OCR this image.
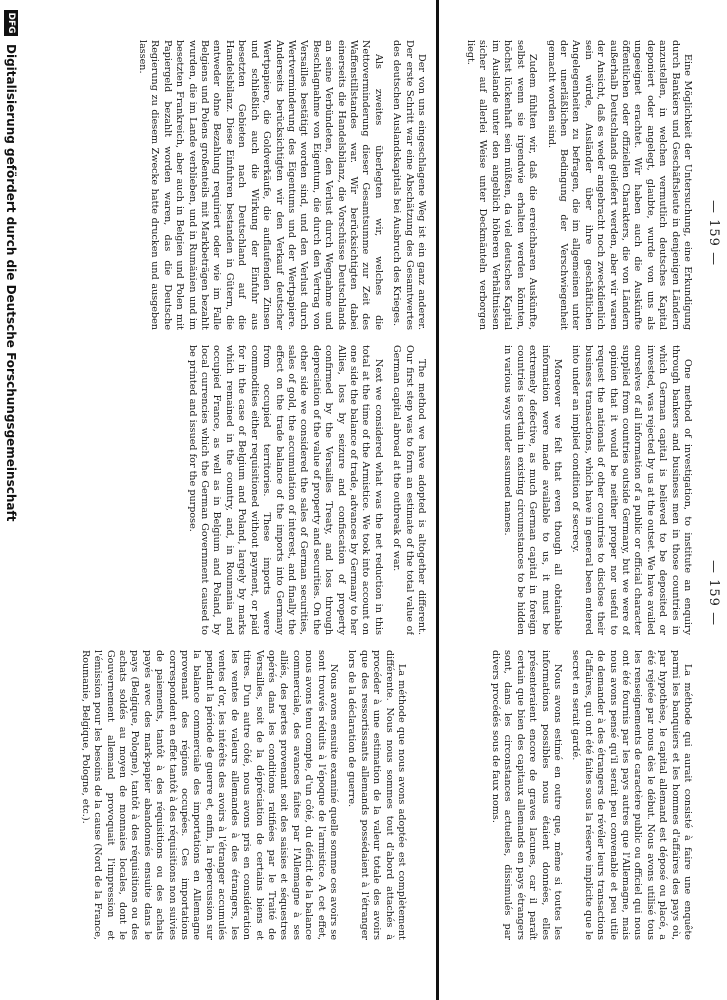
— 159 —
— 159 —

Eine Möglichkeit der Untersuchung, eine Erkundigung durch Bankiers und Geschäftsleute in denjenigen Ländern anzustellen, in welchen vermutlich deutsches Kapital deponiert oder angelegt, glaubte, wurde von uns als ungeeignet erachtet. Wir haben auch die Auskünfte öffentlichen oder offiziellen Charakters, die von Ländern außerhalb Deutschlands geliefert werden, aber wir waren der Ansicht, daß es weder angebracht noch zweckdienlich sein würde, Ausländer über ihre geschäftlichen Angelegenheiten zu befragen, die im allgemeinen unter der unerläßlichen Bedingung der Verschwiegenheit gemacht worden sind.

Zudem fühlten wir, daß die erreichbaren Auskünfte, selbst wenn sie irgendwie erhalten werden könnten, höchst lückenhaft sein müßten, da viel deutsches Kapital im Auslande unter den angeblich höheren Verhältnissen sicher auf allerlei Weise unter Deckmänteln verborgen liegt.

Der von uns eingeschlagene Weg ist ein ganz anderer. Der erste Schritt war eine Abschätzung des Gesamtwertes des deutschen Auslandskapitals bei Ausbruch des Krieges.

Als zweites überlegten wir, welches die Nettoverminderung dieser Gesamtsumme zur Zeit des Waffenstillstandes war. Wir berücksichtigten dabei einerseits die Handelsbilanz, die Vorschüsse Deutschlands an seine Verbündeten, den Verlust durch Wegnahme und Beschlagnahme von Eigentum, die durch den Vertrag von Versailles bestätigt worden sind, und den Verlust durch Wertverminderung des Eigentums und der Wertpapiere. Anderseits berücksichtigten wir den Verkauf deutscher Wertpapiere, die Goldverkäufe, die auflaufenden Zinsen und schließlich auch die Wirkung der Einfuhr aus besetzten Gebieten nach Deutschland auf die Handelsbilanz. Diese Einfuhren bestanden in Gütern, die entweder ohne Bezahlung requiriert oder wie im Falle Belgiens und Polens großenteils mit Markbeträgen bezahlt wurden, die im Lande verblieben, und in Rumänien und im besetzten Frankreich, aber auch in Belgien und Polen mit Papiergeld bezahlt worden waren, das die Deutsche Regierung zu diesem Zwecke hatte drucken und ausgeben lassen.

One method of investigation, to institute an enquiry through bankers and business men in those countries in which German capital is believed to be deposited or invested, was rejected by us at the outset. We have availed ourselves of all information of a public or official character supplied from countries outside Germany, but we were of opinion that it would be neither proper nor useful to request the nationals of other countries to disclose their business transactions, which have in general been entered into under an implied condition of secrecy.

Moreover we felt that even though all obtainable information were made available to us, it must be extremely defective, as much German capital in foreign countries is certain in existing circumstances to be hidden in various ways under assumed names.

The method we have adopted is altogether different. Our first step was to form an estimate of the total value of German capital abroad at the outbreak of war.

Next we considered what was the net reduction in this total at the time of the Armistice. We took into account on one side the balance of trade, advances by Germany to her Allies, loss by seizure and confiscation of property confirmed by the Versailles Treaty, and loss through depreciation of the value of property and securities. On the other side we considered the sales of German securities, sales of gold, the accumulation of interest, and finally the effect on the trade balance of the imports into Germany from occupied territories. These imports were commodities either requisitioned without payment, or paid for in the case of Belgium and Poland, largely by marks which remained in the country, and, in Roumania and occupied France, as well as in Belgium and Poland, by local currencies which the German Government caused to be printed and issued for the purpose.

La méthode qui aurait consisté à faire une enquête parmi les banquiers et les hommes d'affaires des pays où, par hypothèse, le capital allemand est déposé ou placé, a été rejetée par nous dès le début. Nous avons utilisé tous les renseignements de caractère public ou officiel qui nous ont été fournis par les pays autres que l'Allemagne, mais nous avons pensé qu'il serait peu convenable et peu utile de demander à des étrangers de révéler leurs transactions d'affaires, qui ont été faites sous la réserve implicite que le secret en serait gardé.

Nous avons estimé en outre que, même si toutes les informations possibles nous étaient données, elles présenteraient encore de graves lacunes, car il paraît certain que bien des capitaux allemands en pays étrangers sont, dans les circonstances actuelles, dissimulés par divers procédés sous de faux noms.

La méthode que nous avons adoptée est complètement différente. Nous nous sommes tout d'abord attachés à procéder à une estimation de la valeur totale des avoirs que des ressortissants allemands possédaient à l'étranger lors de la déclaration de guerre.

Nous avons ensuite examiné quelle somme ces avoirs se sont trouvés réduits à l'époque de l'armistice. A cet effet, nous avons tenu compte, d'un côté, du déficit de la balance commerciale, des avances faites par l'Allemagne à ses alliés, des pertes provenant soit des saisies et séquestres opérés dans les conditions ratifiées par le Traité de Versailles, soit de la dépréciation de certains biens et titres. D'un autre côté, nous avons pris en considération les ventes de valeurs allemandes à des étrangers, les ventes d'or, les intérêts des avoirs à l'étranger accumulés pendant la période de guerre et, enfin, la répercussion sur la balance commerciale des importations en Allemagne provenant des régions occupées. Ces importations correspondent en effet tantôt à des réquisitions non suivies de paiements, tantôt à des réquisitions ou des achats payés avec des mark-papier abandonnés ensuite dans le pays (Belgique, Pologne), tantôt à des réquisitions ou des achats soldés au moyen de monnaies locales, dont le Gouvernement allemand provoquait l'impression et l'émission pour les besoins de la cause (Nord de la France, Roumanie, Belgique, Pologne, etc.).

DFG
Digitalisierung gefördert durch die Deutsche Forschungsgemeinschaft
